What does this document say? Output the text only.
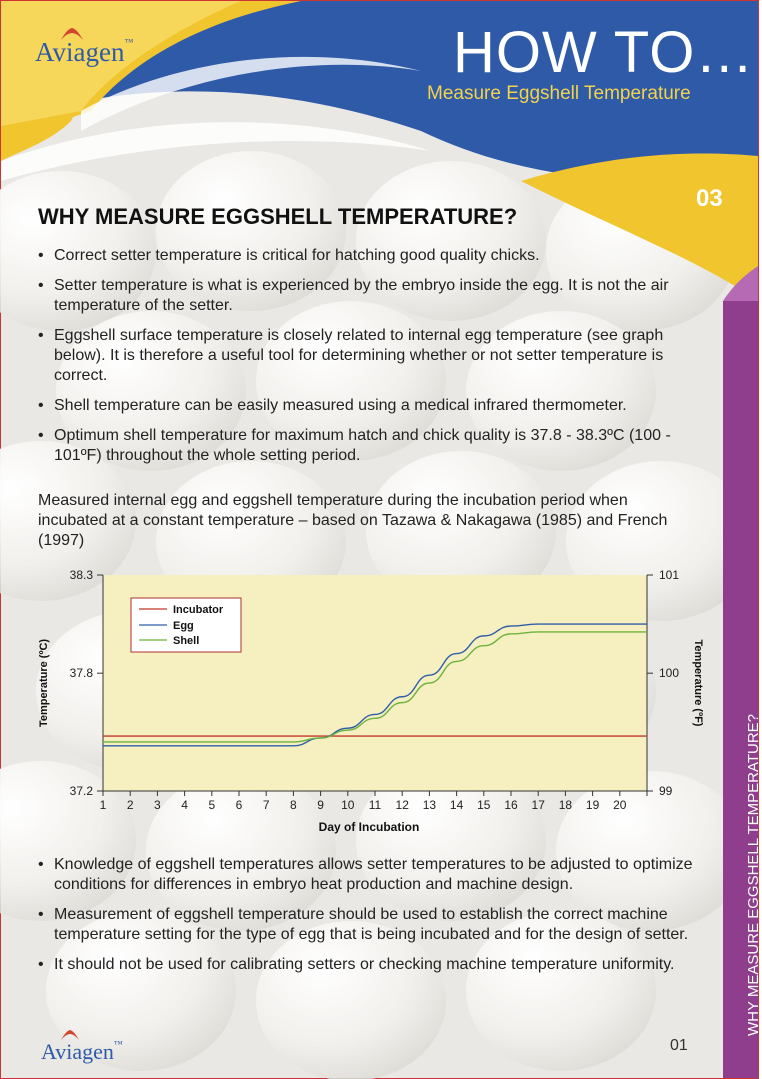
Aviagen™	HOW TO…
Measure Eggshell Temperature
03
WHY MEASURE EGGSHELL TEMPERATURE?
• Correct setter temperature is critical for hatching good quality chicks.
• Setter temperature is what is experienced by the embryo inside the egg. It is not the air temperature of the setter.
• Eggshell surface temperature is closely related to internal egg temperature (see graph below). It is therefore a useful tool for determining whether or not setter temperature is correct.
• Shell temperature can be easily measured using a medical infrared thermometer.
• Optimum shell temperature for maximum hatch and chick quality is 37.8 - 38.3ºC (100 - 101ºF) throughout the whole setting period.

Measured internal egg and eggshell temperature during the incubation period when incubated at a constant temperature – based on Tazawa & Nakagawa (1985) and French (1997)

1 2 3 4 5 6 7 8 9 10 11 12 13 14 15 16 17 18 19 20
38.3	101
37.8	100
37.2	99
Temperature (ºC)	Temperature (ºF)
Day of Incubation
Incubator
Egg
Shell
• Knowledge of eggshell temperatures allows setter temperatures to be adjusted to optimize conditions for differences in embryo heat production and machine design.
• Measurement of eggshell temperature should be used to establish the correct machine temperature setting for the type of egg that is being incubated and for the design of setter.
• It should not be used for calibrating setters or checking machine temperature uniformity.	WHY MEASURE EGGSHELL TEMPERATURE?
Aviagen™	01
